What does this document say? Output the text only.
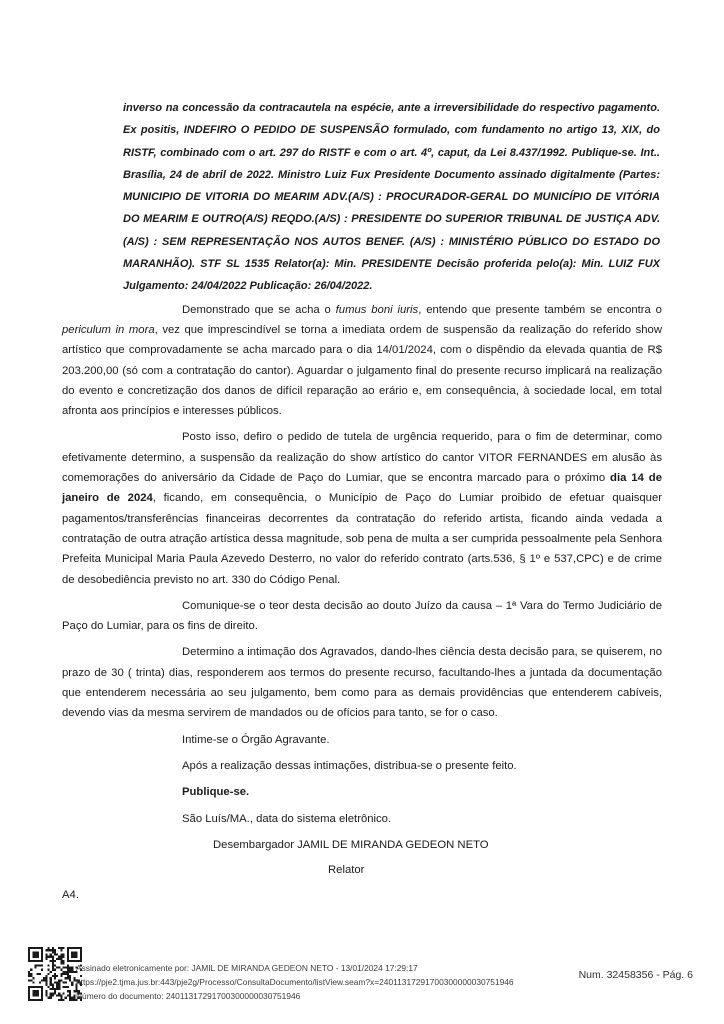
inverso na concessão da contracautela na espécie, ante a irreversibilidade do respectivo pagamento. Ex positis, INDEFIRO O PEDIDO DE SUSPENSÃO formulado, com fundamento no artigo 13, XIX, do RISTF, combinado com o art. 297 do RISTF e com o art. 4º, caput, da Lei 8.437/1992. Publique-se. Int.. Brasília, 24 de abril de 2022. Ministro Luiz Fux Presidente Documento assinado digitalmente (Partes: MUNICIPIO DE VITORIA DO MEARIM ADV.(A/S) : PROCURADOR-GERAL DO MUNICÍPIO DE VITÓRIA DO MEARIM E OUTRO(A/S) REQDO.(A/S) : PRESIDENTE DO SUPERIOR TRIBUNAL DE JUSTIÇA ADV.(A/S) : SEM REPRESENTAÇÃO NOS AUTOS BENEF. (A/S) : MINISTÉRIO PÚBLICO DO ESTADO DO MARANHÃO). STF SL 1535 Relator(a): Min. PRESIDENTE Decisão proferida pelo(a): Min. LUIZ FUX Julgamento: 24/04/2022 Publicação: 26/04/2022.

Demonstrado que se acha o fumus boni iuris, entendo que presente também se encontra o periculum in mora, vez que imprescindível se torna a imediata ordem de suspensão da realização do referido show artístico que comprovadamente se acha marcado para o dia 14/01/2024, com o dispêndio da elevada quantia de R$ 203.200,00 (só com a contratação do cantor). Aguardar o julgamento final do presente recurso implicará na realização do evento e concretização dos danos de difícil reparação ao erário e, em consequência, à sociedade local, em total afronta aos princípios e interesses públicos.

Posto isso, defiro o pedido de tutela de urgência requerido, para o fim de determinar, como efetivamente determino, a suspensão da realização do show artístico do cantor VITOR FERNANDES em alusão às comemorações do aniversário da Cidade de Paço do Lumiar, que se encontra marcado para o próximo dia 14 de janeiro de 2024, ficando, em consequência, o Município de Paço do Lumiar proibido de efetuar quaisquer pagamentos/transferências financeiras decorrentes da contratação do referido artista, ficando ainda vedada a contratação de outra atração artística dessa magnitude, sob pena de multa a ser cumprida pessoalmente pela Senhora Prefeita Municipal Maria Paula Azevedo Desterro, no valor do referido contrato (arts.536, § 1º e 537,CPC) e de crime de desobediência previsto no art. 330 do Código Penal.

Comunique-se o teor desta decisão ao douto Juízo da causa – 1ª Vara do Termo Judiciário de Paço do Lumiar, para os fins de direito.

Determino a intimação dos Agravados, dando-lhes ciência desta decisão para, se quiserem, no prazo de 30 ( trinta) dias, responderem aos termos do presente recurso, facultando-lhes a juntada da documentação que entenderem necessária ao seu julgamento, bem como para as demais providências que entenderem cabíveis, devendo vias da mesma servirem de mandados ou de ofícios para tanto, se for o caso.

Intime-se o Órgão Agravante.

Após a realização dessas intimações, distribua-se o presente feito.

Publique-se.

São Luís/MA., data do sistema eletrônico.

Desembargador JAMIL DE MIRANDA GEDEON NETO

Relator

A4.

Assinado eletronicamente por: JAMIL DE MIRANDA GEDEON NETO - 13/01/2024 17:29:17
https://pje2.tjma.jus.br:443/pje2g/Processo/ConsultaDocumento/listView.seam?x=24011317291700300000030751946
Número do documento: 24011317291700300000030751946
Num. 32458356 - Pág. 6
